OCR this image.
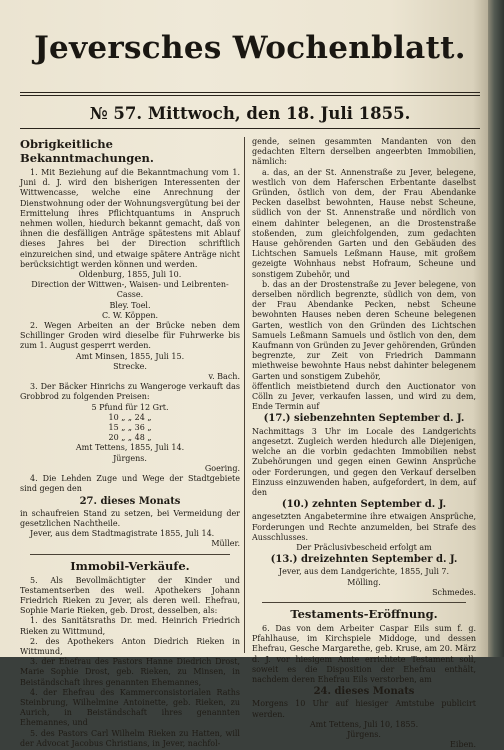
Jeversches Wochenblatt.
№ 57. Mittwoch, den 18. Juli 1855.
Obrigkeitliche Bekanntmachungen.

1. Mit Beziehung auf die Bekanntmachung vom 1. Juni d. J. wird den bisherigen Interessenten der Wittwencasse, welche eine Anrechnung der Dienstwohnung oder der Wohnungsvergütung bei der Ermittelung ihres Pflichtquantums in Anspruch nehmen wollen, hiedurch bekannt gemacht, daß von ihnen die desfälligen Anträge spätestens mit Ablauf dieses Jahres bei der Direction schriftlich einzureichen sind, und etwaige spätere Anträge nicht berücksichtigt werden können und werden.

Oldenburg, 1855, Juli 10.

Direction der Wittwen-, Waisen- und Leibrenten-Casse.

Bley. Toel.

C. W. Köppen.

2. Wegen Arbeiten an der Brücke neben dem Schillinger Groden wird dieselbe für Fuhrwerke bis zum 1. August gesperrt werden.

Amt Minsen, 1855, Juli 15.

Strecke.

v. Bach.

3. Der Bäcker Hinrichs zu Wangeroge verkauft das Grobbrod zu folgenden Preisen:

5 Pfund für 12 Grt.

10 „ „ 24 „

15 „ „ 36 „

20 „ „ 48 „

Amt Tettens, 1855, Juli 14.

Jürgens.

Goering.

4. Die Lehden Zuge und Wege der Stadtgebiete sind gegen den

27. dieses Monats

in schaufreien Stand zu setzen, bei Vermeidung der gesetzlichen Nachtheile.

Jever, aus dem Stadtmagistrate 1855, Juli 14.

Müller.

Immobil-Verkäufe.

5. Als Bevollmächtigter der Kinder und Testamentserben des weil. Apothekers Johann Friedrich Rieken zu Jever, als deren weil. Ehefrau, Sophie Marie Rieken, geb. Drost, desselben, als:

1. des Sanitätsraths Dr. med. Heinrich Friedrich Rieken zu Wittmund,

2. des Apothekers Anton Diedrich Rieken in Wittmund,

3. der Ehefrau des Pastors Hanne Diedrich Drost, Marie Sophie Drost, geb. Rieken, zu Minsen, in Beiständschaft ihres genannten Ehemannes,

4. der Ehefrau des Kammerconsistorialen Raths Steinbrung, Wilhelmine Antoinette, geb. Rieken, zu Aurich, in Beiständschaft ihres genannten Ehemannes, und

5. des Pastors Carl Wilhelm Rieken zu Hatten, will der Advocat Jacobus Christians, in Jever, nachfol-

gende, seinen gesammten Mandanten von den gedachten Eltern derselben angeerbten Immobilien, nämlich:

a. das, an der St. Annenstraße zu Jever, belegene, westlich von dem Haferschen Erbentante daselbst Gründen, östlich von dem, der Frau Abendanke Pecken daselbst bewohnten, Hause nebst Scheune, südlich von der St. Annenstraße und nördlich von einem dahinter belegenen, an die Drostenstraße stoßenden, zum gleichfolgenden, zum gedachten Hause gehörenden Garten und den Gebäuden des Lichtschen Samuels Leßmann Hause, mit großem gezeigte Wohnhaus nebst Hofraum, Scheune und sonstigem Zubehör, und

b. das an der Drostenstraße zu Jever belegene, von derselben nördlich begrenzte, südlich von dem, von der Frau Abendanke Pecken, nebst Scheune bewohnten Hauses neben deren Scheune belegenen Garten, westlich von den Gründen des Lichtschen Samuels Leßmann Samuels und östlich von den, dem Kaufmann von Gründen zu Jever gehörenden, Gründen begrenzte, zur Zeit von Friedrich Dammann miethweise bewohnte Haus nebst dahinter belegenem Garten und sonstigem Zubehör,

öffentlich meistbietend durch den Auctionator von Cölln zu Jever, verkaufen lassen, und wird zu dem, Ende Termin auf

(17.) siebenzehnten September d. J.

Nachmittags 3 Uhr im Locale des Landgerichts angesetzt. Zugleich werden hiedurch alle Diejenigen, welche an die vorbin gedachten Immobilien nebst Zubehörungen und gegen einen Gewinn Ansprüche oder Forderungen, und gegen den Verkauf derselben Einzuss einzuwenden haben, aufgefordert, in dem, auf den

(10.) zehnten September d. J.

angesetzten Angabetermine ihre etwaigen Ansprüche, Forderungen und Rechte anzumelden, bei Strafe des Ausschlusses.

Der Präclusivbescheid erfolgt am

(13.) dreizehnten September d. J.

Jever, aus dem Landgerichte, 1855, Juli 7.

Mölling.

Schmedes.

Testaments-Eröffnung.

6. Das von dem Arbeiter Caspar Eils sum f. g. Pfahlhause, im Kirchspiele Middoge, und dessen Ehefrau, Gesche Margarethe, geb. Kruse, am 20. März d. J. vor hiesigem Amte errichtete Testament soll, soweit es die Disposition der Ehefrau enthält, nachdem deren Ehefrau Eils verstorben, am

24. dieses Monats

Morgens 10 Uhr auf hiesiger Amtstube publicirt werden.

Amt Tettens, Juli 10, 1855.

Jürgens.

Eiben.
